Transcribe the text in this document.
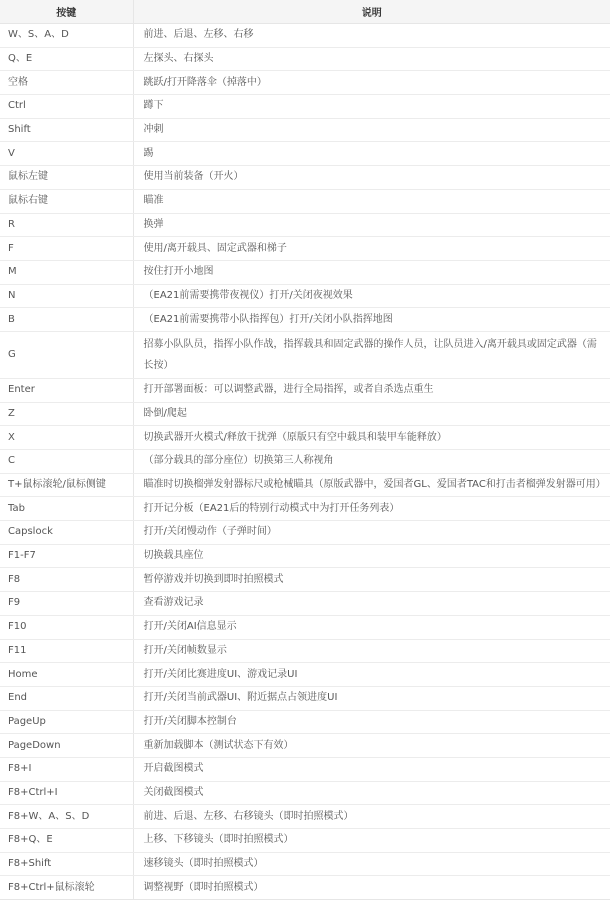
按键	说明
W、S、A、D	前进、后退、左移、右移
Q、E	左探头、右探头
空格	跳跃/打开降落伞（掉落中）
Ctrl	蹲下
Shift	冲刺
V	踢
鼠标左键	使用当前装备（开火）
鼠标右键	瞄准
R	换弹
F	使用/离开载具、固定武器和梯子
M	按住打开小地图
N	（EA21前需要携带夜视仪）打开/关闭夜视效果
B	（EA21前需要携带小队指挥包）打开/关闭小队指挥地图
G	招募小队队员，指挥小队作战，指挥载具和固定武器的操作人员，让队员进入/离开载具或固定武器（需长按）
Enter	打开部署面板：可以调整武器，进行全局指挥，或者自杀选点重生
Z	卧倒/爬起
X	切换武器开火模式/释放干扰弹（原版只有空中载具和装甲车能释放）
C	（部分载具的部分座位）切换第三人称视角
T+鼠标滚轮/鼠标侧键	瞄准时切换榴弹发射器标尺或枪械瞄具（原版武器中，爱国者GL、爱国者TAC和打击者榴弹发射器可用）
Tab	打开记分板（EA21后的特别行动模式中为打开任务列表）
Capslock	打开/关闭慢动作（子弹时间）
F1-F7	切换载具座位
F8	暂停游戏并切换到即时拍照模式
F9	查看游戏记录
F10	打开/关闭AI信息显示
F11	打开/关闭帧数显示
Home	打开/关闭比赛进度UI、游戏记录UI
End	打开/关闭当前武器UI、附近据点占领进度UI
PageUp	打开/关闭脚本控制台
PageDown	重新加载脚本（测试状态下有效）
F8+I	开启截图模式
F8+Ctrl+I	关闭截图模式
F8+W、A、S、D	前进、后退、左移、右移镜头（即时拍照模式）
F8+Q、E	上移、下移镜头（即时拍照模式）
F8+Shift	速移镜头（即时拍照模式）
F8+Ctrl+鼠标滚轮	调整视野（即时拍照模式）
